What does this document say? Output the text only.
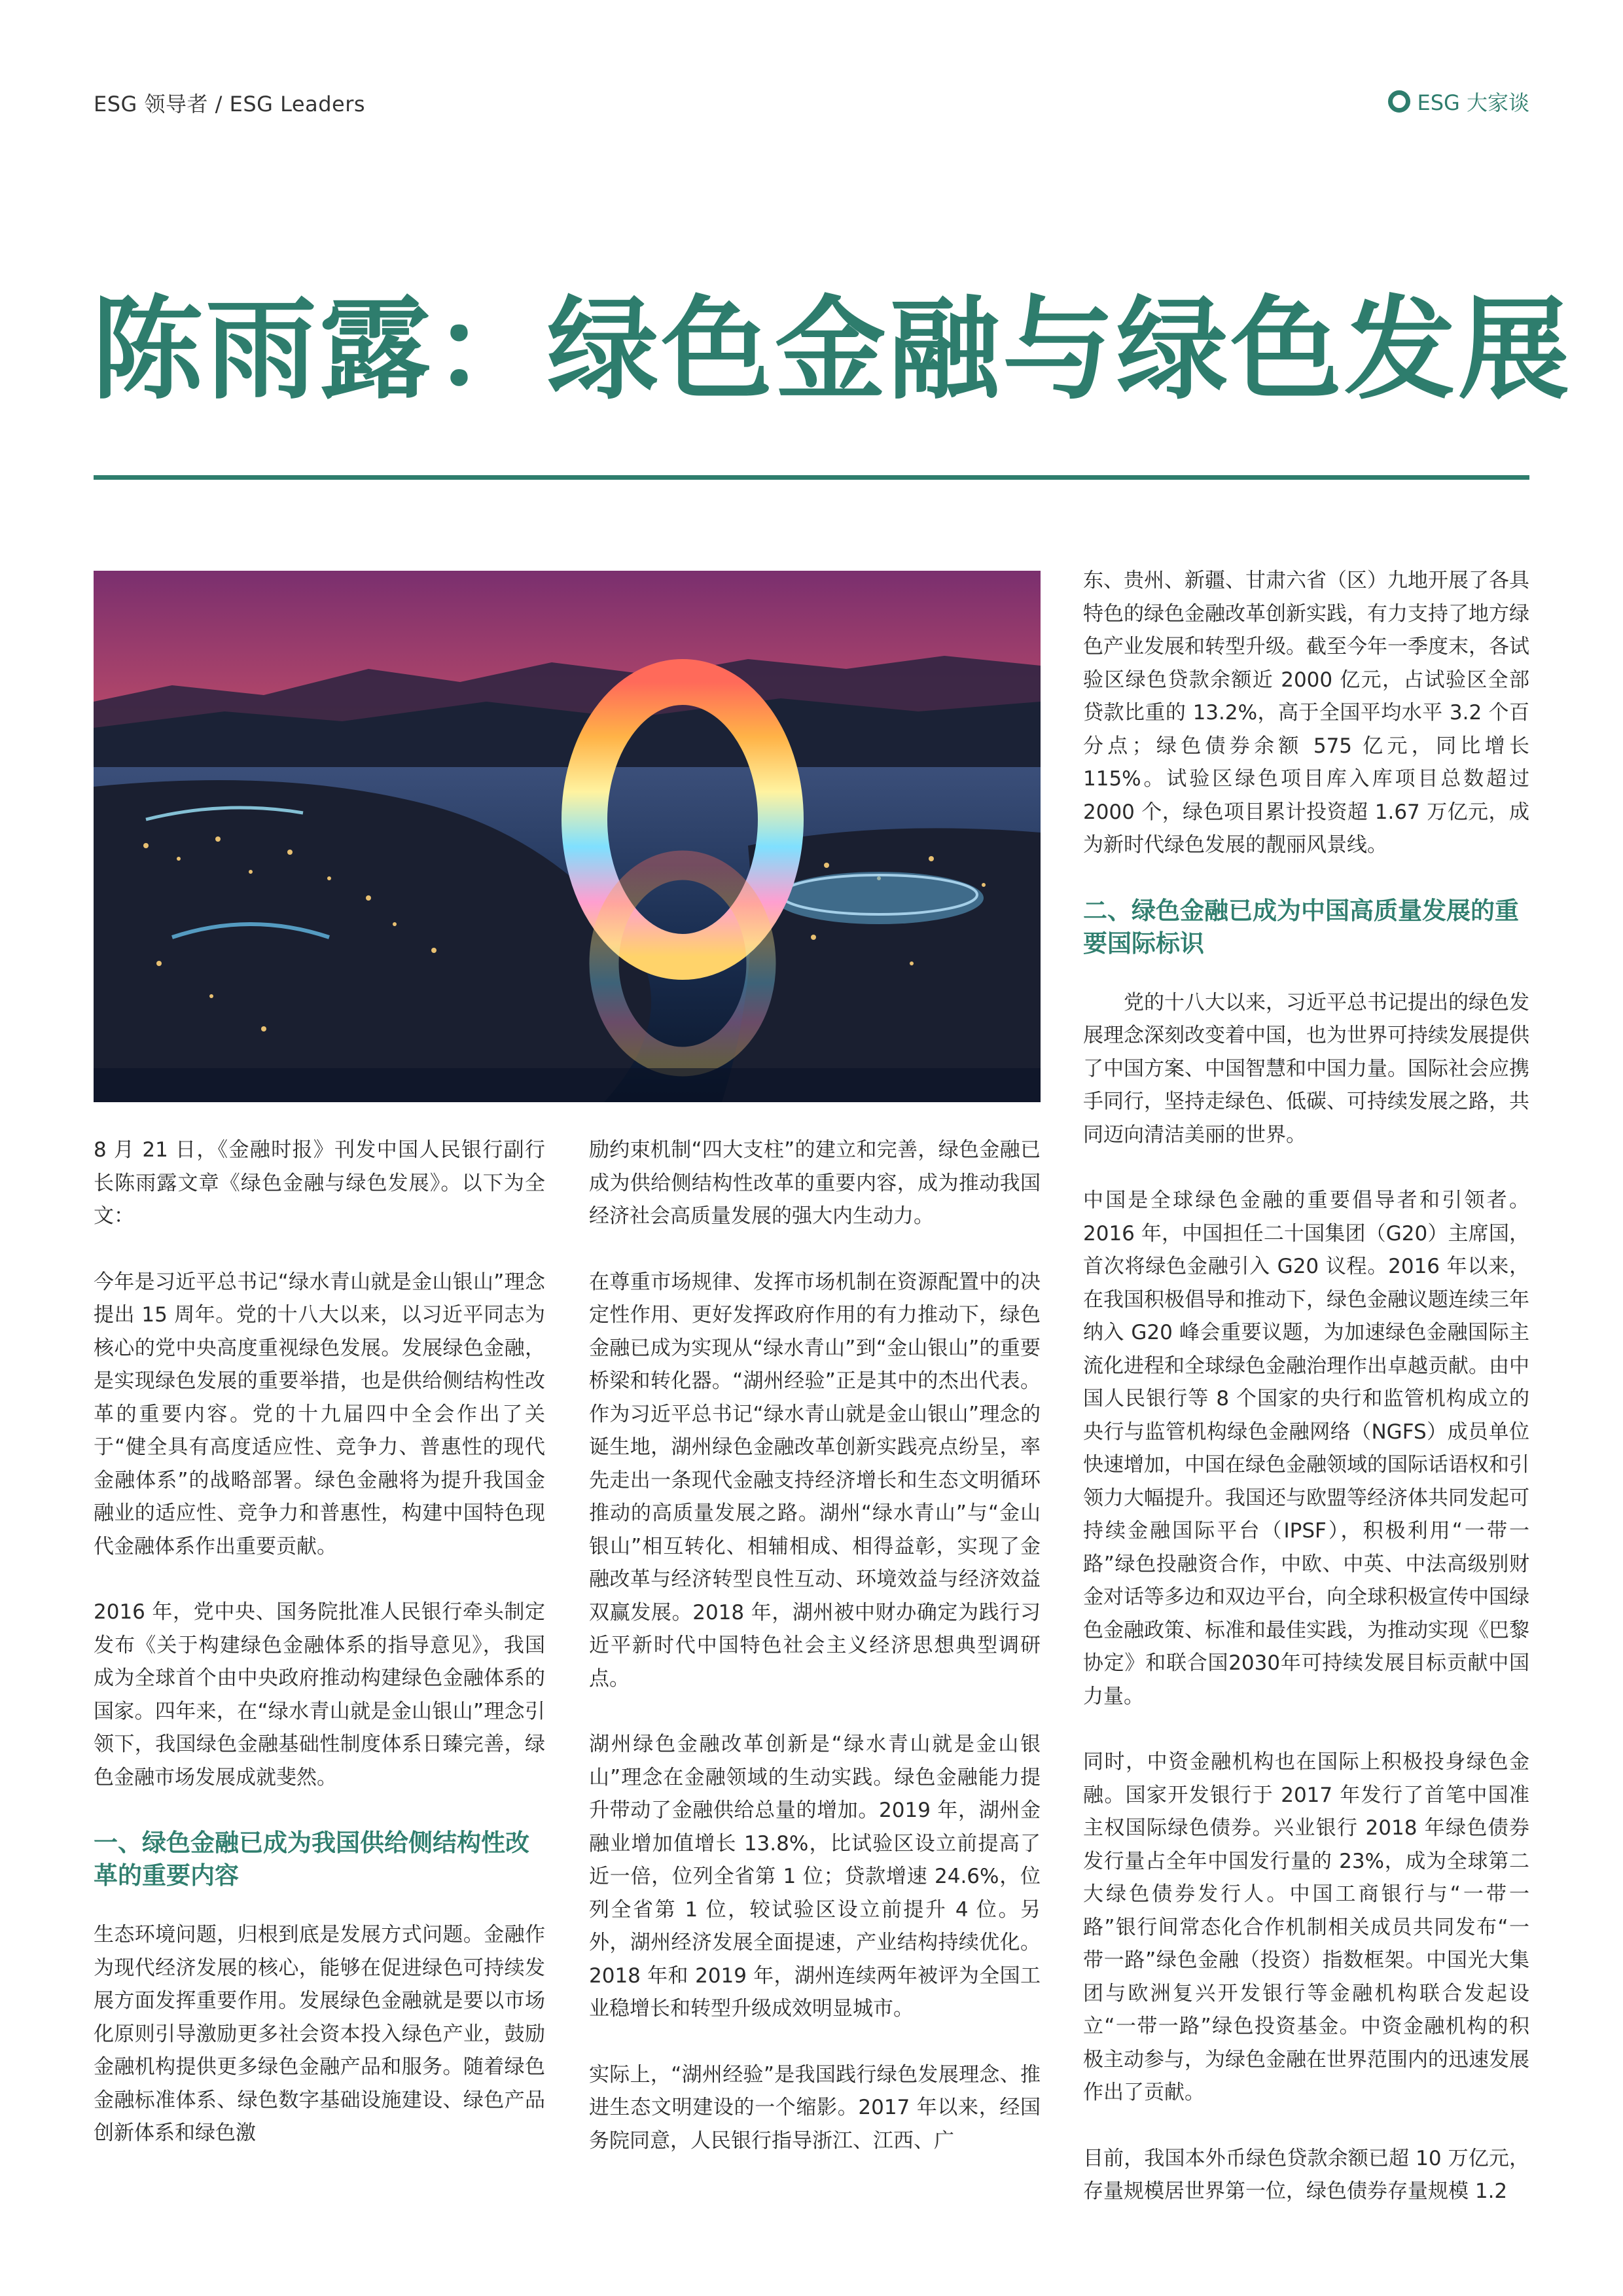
ESG 领导者 / ESG Leaders	ESG 大家谈
陈雨露：绿色金融与绿色发展

8 月 21 日，《金融时报》刊发中国人民银行副行长陈雨露文章《绿色金融与绿色发展》。以下为全文：

今年是习近平总书记“绿水青山就是金山银山”理念提出 15 周年。党的十八大以来，以习近平同志为核心的党中央高度重视绿色发展。发展绿色金融，是实现绿色发展的重要举措，也是供给侧结构性改革的重要内容。党的十九届四中全会作出了关于“健全具有高度适应性、竞争力、普惠性的现代金融体系”的战略部署。绿色金融将为提升我国金融业的适应性、竞争力和普惠性，构建中国特色现代金融体系作出重要贡献。

2016 年，党中央、国务院批准人民银行牵头制定发布《关于构建绿色金融体系的指导意见》，我国成为全球首个由中央政府推动构建绿色金融体系的国家。四年来，在“绿水青山就是金山银山”理念引领下，我国绿色金融基础性制度体系日臻完善，绿色金融市场发展成就斐然。

一、绿色金融已成为我国供给侧结构性改革的重要内容

生态环境问题，归根到底是发展方式问题。金融作为现代经济发展的核心，能够在促进绿色可持续发展方面发挥重要作用。发展绿色金融就是要以市场化原则引导激励更多社会资本投入绿色产业，鼓励金融机构提供更多绿色金融产品和服务。随着绿色金融标准体系、绿色数字基础设施建设、绿色产品创新体系和绿色激

励约束机制“四大支柱”的建立和完善，绿色金融已成为供给侧结构性改革的重要内容，成为推动我国经济社会高质量发展的强大内生动力。

在尊重市场规律、发挥市场机制在资源配置中的决定性作用、更好发挥政府作用的有力推动下，绿色金融已成为实现从“绿水青山”到“金山银山”的重要桥梁和转化器。“湖州经验”正是其中的杰出代表。作为习近平总书记“绿水青山就是金山银山”理念的诞生地，湖州绿色金融改革创新实践亮点纷呈，率先走出一条现代金融支持经济增长和生态文明循环推动的高质量发展之路。湖州“绿水青山”与“金山银山”相互转化、相辅相成、相得益彰，实现了金融改革与经济转型良性互动、环境效益与经济效益双赢发展。2018 年，湖州被中财办确定为践行习近平新时代中国特色社会主义经济思想典型调研点。

湖州绿色金融改革创新是“绿水青山就是金山银山”理念在金融领域的生动实践。绿色金融能力提升带动了金融供给总量的增加。2019 年，湖州金融业增加值增长 13.8%，比试验区设立前提高了近一倍，位列全省第 1 位；贷款增速 24.6%，位列全省第 1 位，较试验区设立前提升 4 位。另外，湖州经济发展全面提速，产业结构持续优化。2018 年和 2019 年，湖州连续两年被评为全国工业稳增长和转型升级成效明显城市。

实际上，“湖州经验”是我国践行绿色发展理念、推进生态文明建设的一个缩影。2017 年以来，经国务院同意，人民银行指导浙江、江西、广

东、贵州、新疆、甘肃六省（区）九地开展了各具特色的绿色金融改革创新实践，有力支持了地方绿色产业发展和转型升级。截至今年一季度末，各试验区绿色贷款余额近 2000 亿元，占试验区全部贷款比重的 13.2%，高于全国平均水平 3.2 个百分点；绿色债券余额 575 亿元，同比增长 115%。试验区绿色项目库入库项目总数超过 2000 个，绿色项目累计投资超 1.67 万亿元，成为新时代绿色发展的靓丽风景线。

二、绿色金融已成为中国高质量发展的重要国际标识

党的十八大以来，习近平总书记提出的绿色发展理念深刻改变着中国，也为世界可持续发展提供了中国方案、中国智慧和中国力量。国际社会应携手同行，坚持走绿色、低碳、可持续发展之路，共同迈向清洁美丽的世界。

中国是全球绿色金融的重要倡导者和引领者。2016 年，中国担任二十国集团（G20）主席国，首次将绿色金融引入 G20 议程。2016 年以来，在我国积极倡导和推动下，绿色金融议题连续三年纳入 G20 峰会重要议题，为加速绿色金融国际主流化进程和全球绿色金融治理作出卓越贡献。由中国人民银行等 8 个国家的央行和监管机构成立的央行与监管机构绿色金融网络（NGFS）成员单位快速增加，中国在绿色金融领域的国际话语权和引领力大幅提升。我国还与欧盟等经济体共同发起可持续金融国际平台（IPSF），积极利用“一带一路”绿色投融资合作，中欧、中英、中法高级别财金对话等多边和双边平台，向全球积极宣传中国绿色金融政策、标准和最佳实践，为推动实现《巴黎协定》和联合国2030年可持续发展目标贡献中国力量。

同时，中资金融机构也在国际上积极投身绿色金融。国家开发银行于 2017 年发行了首笔中国准主权国际绿色债券。兴业银行 2018 年绿色债券发行量占全年中国发行量的 23%，成为全球第二大绿色债券发行人。中国工商银行与“一带一路”银行间常态化合作机制相关成员共同发布“一带一路”绿色金融（投资）指数框架。中国光大集团与欧洲复兴开发银行等金融机构联合发起设立“一带一路”绿色投资基金。中资金融机构的积极主动参与，为绿色金融在世界范围内的迅速发展作出了贡献。

目前，我国本外币绿色贷款余额已超 10 万亿元，存量规模居世界第一位，绿色债券存量规模 1.2
